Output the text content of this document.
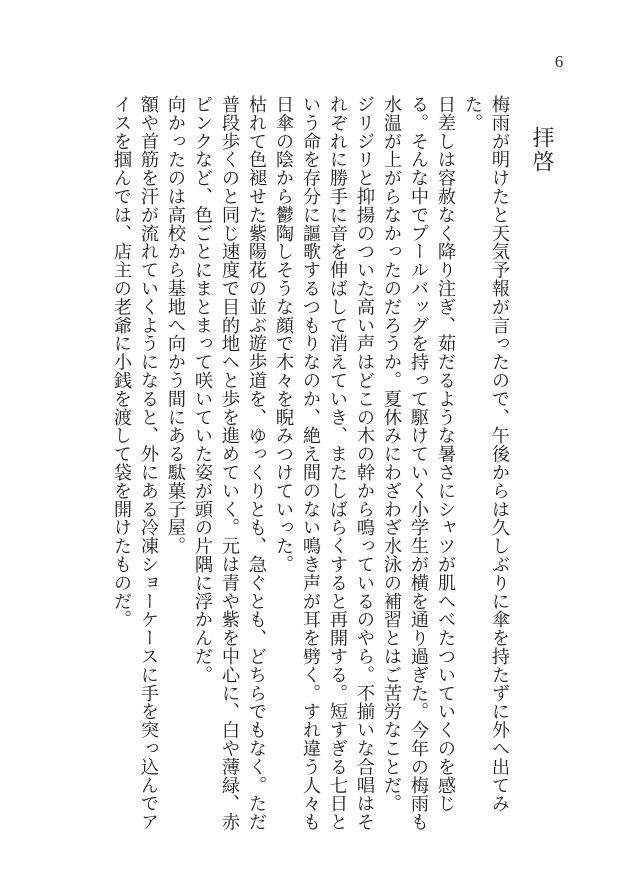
6
拝啓

梅雨が明けたと天気予報が言ったので、午後からは久しぶりに傘を持たずに外へ出てみた。

日差しは容赦なく降り注ぎ、茹だるような暑さにシャツが肌へべたついていくのを感じる。そんな中でプールバッグを持って駆けていく小学生が横を通り過ぎた。今年の梅雨も水温が上がらなかったのだろうか。夏休みにわざわざ水泳の補習とはご苦労なことだ。

ジリジリと抑揚のついた高い声はどこの木の幹から鳴っているのやら。不揃いな合唱はそれぞれに勝手に音を伸ばして消えていき、またしばらくすると再開する。短すぎる七日という命を存分に謳歌するつもりなのか、絶え間のない鳴き声が耳を劈く。すれ違う人々も日傘の陰から鬱陶しそうな顔で木々を睨みつけていった。

枯れて色褪せた紫陽花の並ぶ遊歩道を、ゆっくりとも、急ぐとも、どちらでもなく。ただ普段歩くのと同じ速度で目的地へと歩を進めていく。元は青や紫を中心に、白や薄緑、赤ピンクなど、色ごとにまとまって咲いていた姿が頭の片隅に浮かんだ。

向かったのは高校から基地へ向かう間にある駄菓子屋。

額や首筋を汗が流れていくようになると、外にある冷凍ショーケースに手を突っ込んでアイスを掴んでは、店主の老爺に小銭を渡して袋を開けたものだ。
